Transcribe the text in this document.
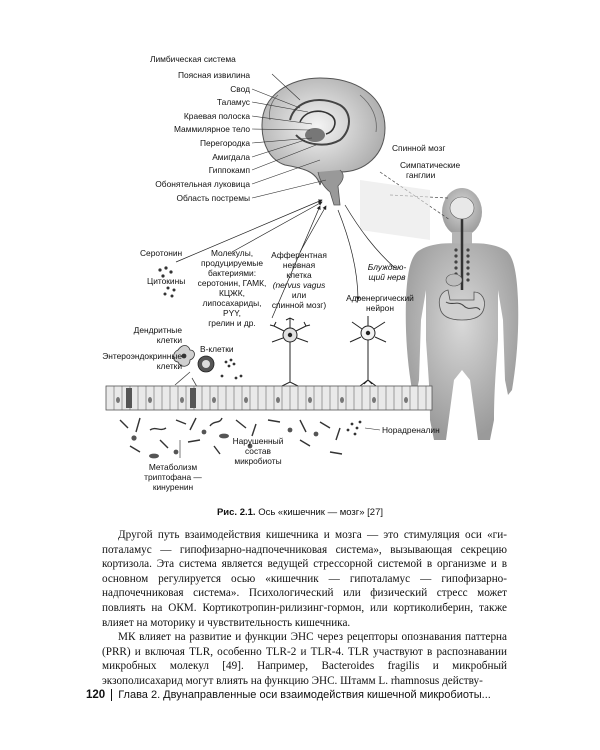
Лимбическая система
Поясная извилина
Свод
Таламус
Краевая полоска
Маммилярное тело
Перегородка
Амигдала
Гиппокамп
Обонятельная луковица
Область постремы
Спинной мозг
Симпатические
ганглии
Блуждаю-
щий нерв
Серотонин
Цитокины
Молекулы,
продуцируемые
бактериями:
серотонин, ГАМК,
КЦЖК,
липосахариды,
PYY,
грелин и др.
Афферентная
нервная
клетка
(nervus vagus
или
спинной мозг)
Адренергический
нейрон
Дендритные
клетки
Энтероэндокринные
клетки
B-клетки
Нарушенный
состав
микробиоты
Норадреналин
Метаболизм
триптофана —
кинуренин
Рис. 2.1. Ось «кишечник — мозг» [27]

Другой путь взаимодействия кишечника и мозга — это стимуляция оси «гипоталамус — гипофизарно-надпочечниковая система», вызывающая секрецию кортизола. Эта система является ведущей стрессорной системой в организме и в основном регулируется осью «кишечник — гипоталамус — гипофизарно-надпочечниковая система». Психологический или физический стресс может повлиять на ОКМ. Кортикотропин-рилизинг-гормон, или кортиколиберин, также влияет на моторику и чувствительность кишечника.

МК влияет на развитие и функции ЭНС через рецепторы опознавания паттерна (PRR) и включая TLR, особенно TLR-2 и TLR-4. TLR участвуют в распознавании микробных молекул [49]. Например, Bacteroides fragilis и микробный экзополисахарид могут влиять на функцию ЭНС. Штамм L. rhamnosus действу-

120 Глава 2. Двунаправленные оси взаимодействия кишечной микробиоты...
